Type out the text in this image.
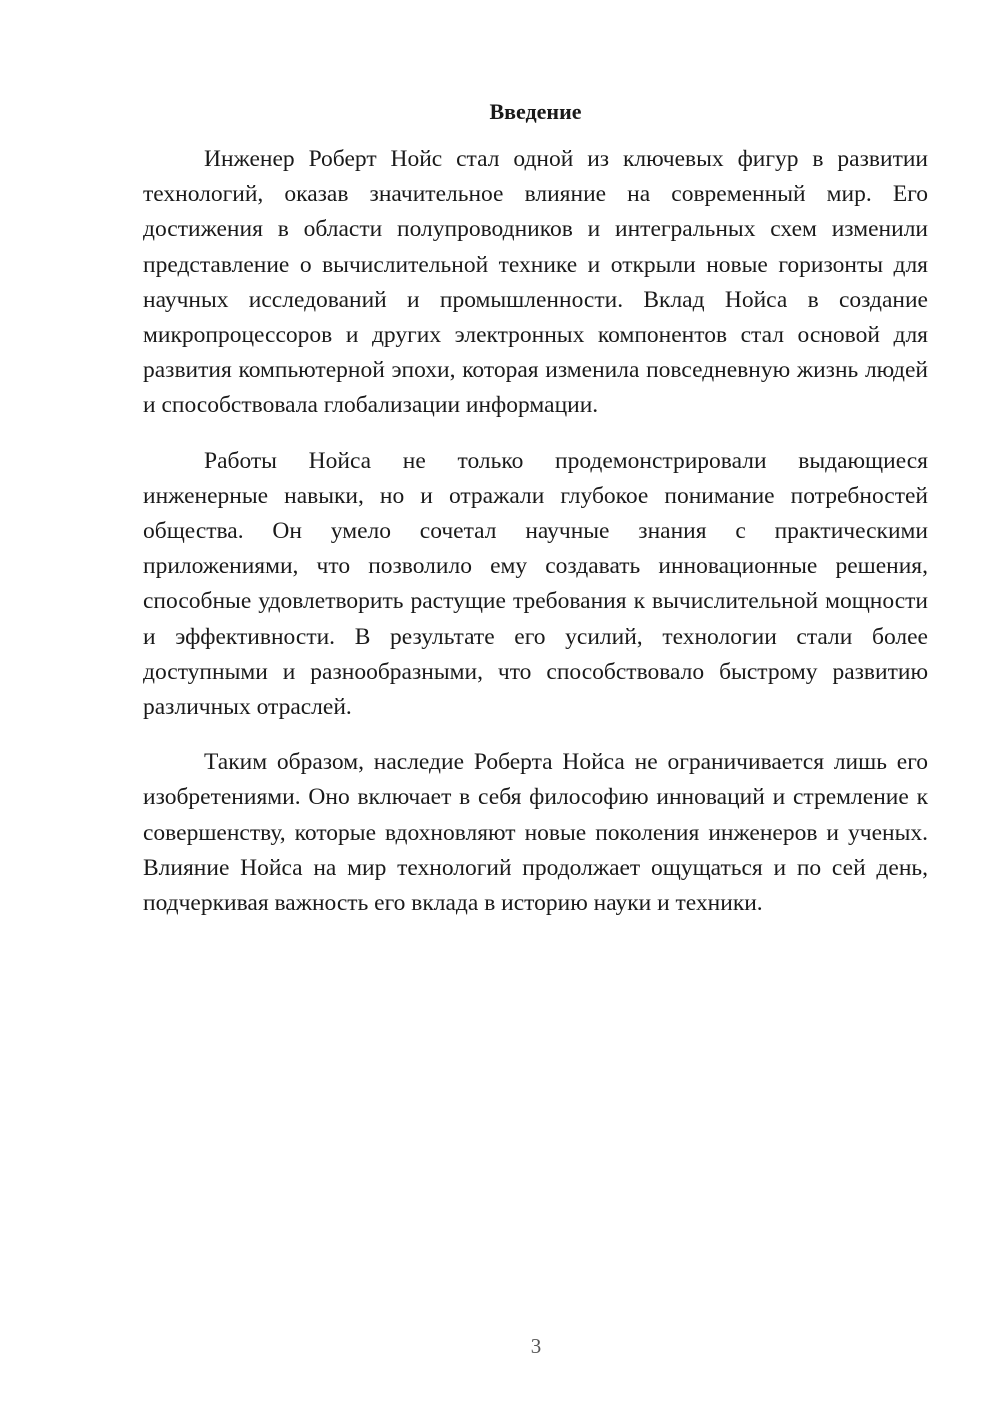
Введение

Инженер Роберт Нойс стал одной из ключевых фигур в развитии технологий, оказав значительное влияние на современный мир. Его достижения в области полупроводников и интегральных схем изменили представление о вычислительной технике и открыли новые горизонты для научных исследований и промышленности. Вклад Нойса в создание микропроцессоров и других электронных компонентов стал основой для развития компьютерной эпохи, которая изменила повседневную жизнь людей и способствовала глобализации информации.

Работы Нойса не только продемонстрировали выдающиеся инженерные навыки, но и отражали глубокое понимание потребностей общества. Он умело сочетал научные знания с практическими приложениями, что позволило ему создавать инновационные решения, способные удовлетворить растущие требования к вычислительной мощности и эффективности. В результате его усилий, технологии стали более доступными и разнообразными, что способствовало быстрому развитию различных отраслей.

Таким образом, наследие Роберта Нойса не ограничивается лишь его изобретениями. Оно включает в себя философию инноваций и стремление к совершенству, которые вдохновляют новые поколения инженеров и ученых. Влияние Нойса на мир технологий продолжает ощущаться и по сей день, подчеркивая важность его вклада в историю науки и техники.

3
